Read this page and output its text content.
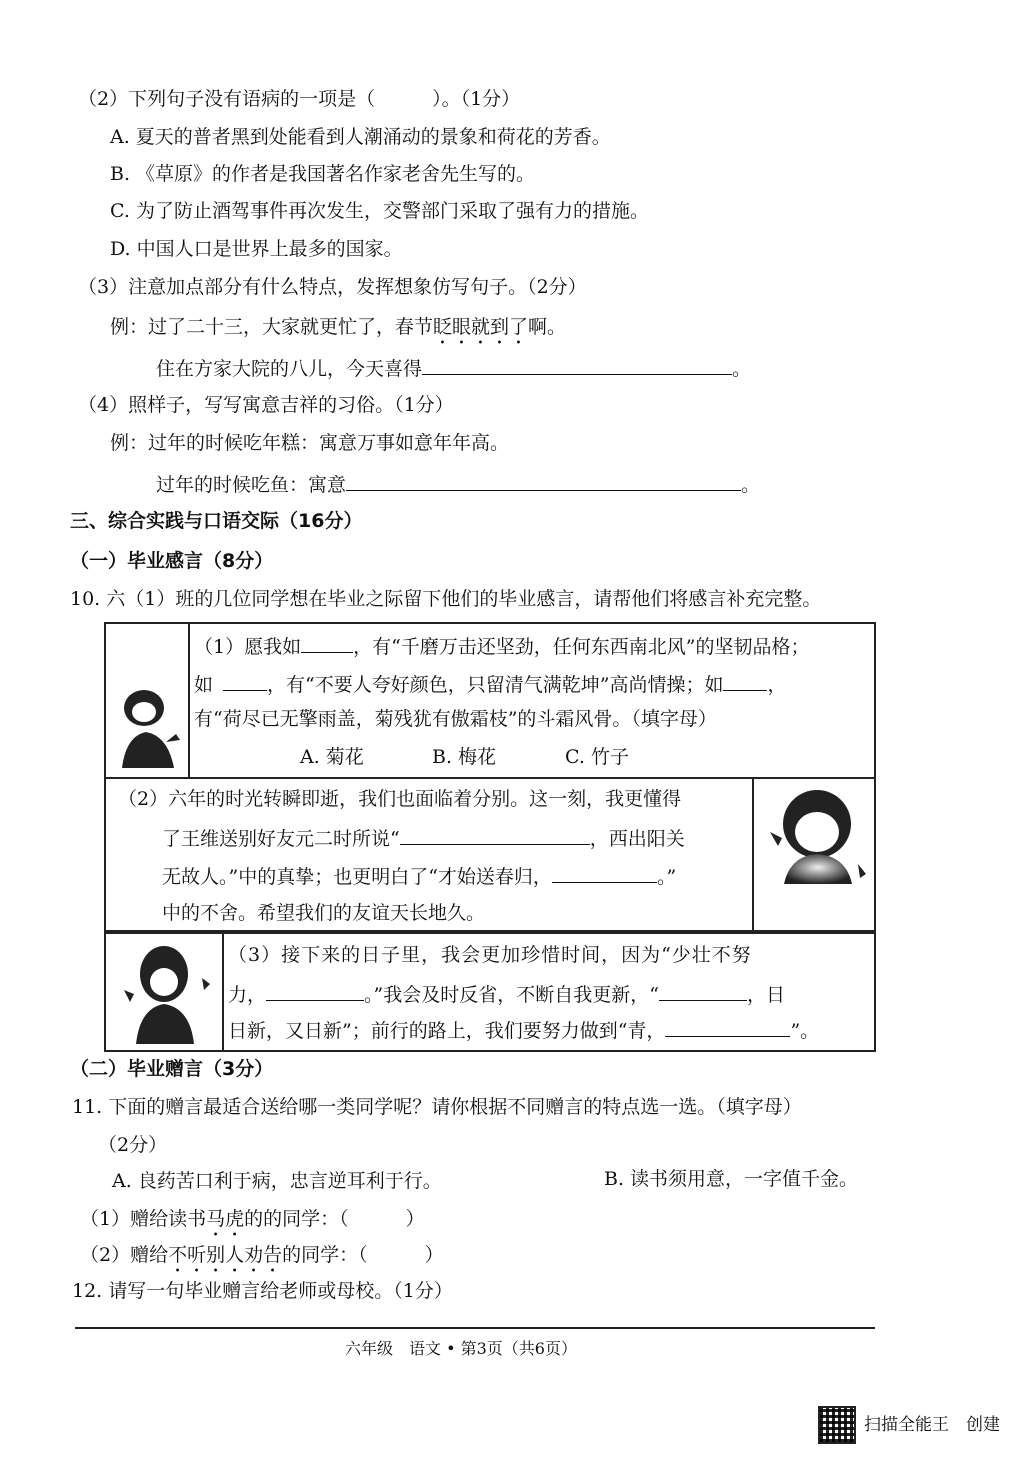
（2）下列句子没有语病的一项是（　　　）。（1分）
A. 夏天的普者黑到处能看到人潮涌动的景象和荷花的芳香。
B. 《草原》的作者是我国著名作家老舍先生写的。
C. 为了防止酒驾事件再次发生，交警部门采取了强有力的措施。
D. 中国人口是世界上最多的国家。
（3）注意加点部分有什么特点，发挥想象仿写句子。（2分）
例：过了二十三，大家就更忙了，春节眨眼就到了啊。
住在方家大院的八儿，今天喜得	。
（4）照样子，写写寓意吉祥的习俗。（1分）
例：过年的时候吃年糕：寓意万事如意年年高。
过年的时候吃鱼：寓意	。
三、综合实践与口语交际（16分）
（一）毕业感言（8分）
10. 六（1）班的几位同学想在毕业之际留下他们的毕业感言，请帮他们将感言补充完整。
（1）愿我如	，有“千磨万击还坚劲，任何东西南北风”的坚韧品格；
如	，有“不要人夸好颜色，只留清气满乾坤”高尚情操；如 ，
有“荷尽已无擎雨盖，菊残犹有傲霜枝”的斗霜风骨。（填字母）
A. 菊花	B. 梅花	C. 竹子
（2）六年的时光转瞬即逝，我们也面临着分别。这一刻，我更懂得
了王维送别好友元二时所说“	，西出阳关
无故人。”中的真挚；也更明白了“才始送春归，	。”
中的不舍。希望我们的友谊天长地久。
（3）接下来的日子里，我会更加珍惜时间，因为“少壮不努
力，	。”我会及时反省，不断自我更新，“	，日
日新，又日新”；前行的路上，我们要努力做到“青，	”。
（二）毕业赠言（3分）
11. 下面的赠言最适合送给哪一类同学呢？请你根据不同赠言的特点选一选。（填字母）
（2分）
A. 良药苦口利于病，忠言逆耳利于行。	B. 读书须用意，一字值千金。
（1）赠给读书马虎的的同学：（　　　）
（2）赠给不听别人劝告的同学：（　　　）
12. 请写一句毕业赠言给老师或母校。（1分）
六年级　语文 • 第3页（共6页）
扫描全能王　创建
